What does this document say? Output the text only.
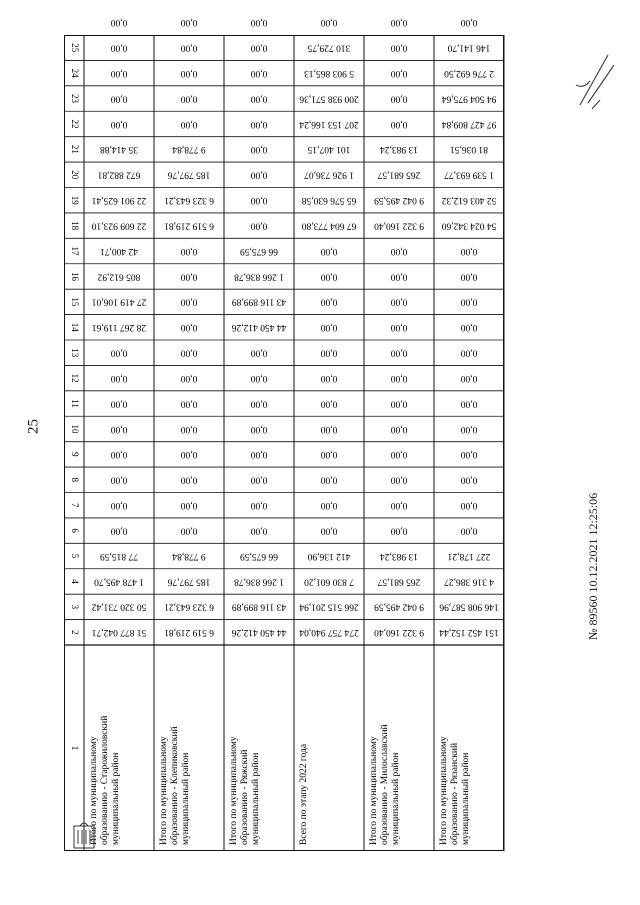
25
25
24
23
22
21
20
19
18
17
16
15
14
13
12
11
10
9
8
7
6
5
4
3
2
1
51 877 042,71
50 320 731,42
1 478 495,70
77 815,59
0,00
0,00
0,00
0,00
0,00
0,00
0,00
0,00
28 267 119,61
27 419 106,01
805 612,92
42 400,71
22 609 923,10
22 901 625,41
672 882,81
35 414,88
0,00
0,00
0,00
0,00
0,00
Итого по муниципальномуобразованию - Старожиловскиймуниципальный район
6 519 219,81
6 323 643,21
185 797,76
9 778,84
0,00
0,00
0,00
0,00
0,00
0,00
0,00
0,00
0,00
0,00
0,00
0,00
6 519 219,81
6 323 643,21
185 797,76
9 778,84
0,00
0,00
0,00
0,00
0,00
Итого по муниципальномуобразованию - Клепиковскиймуниципальный район
44 450 412,26
43 116 899,89
1 266 836,78
66 675,59
0,00
0,00
0,00
0,00
0,00
0,00
0,00
0,00
44 450 412,26
43 116 899,89
1 266 836,78
66 675,59
0,00
0,00
0,00
0,00
0,00
0,00
0,00
0,00
0,00
Итого по муниципальномуобразованию - Ряжскиймуниципальный район
274 757 940,04
266 515 201,94
7 830 601,20
412 136,90
0,00
0,00
0,00
0,00
0,00
0,00
0,00
0,00
0,00
0,00
0,00
0,00
67 604 773,80
65 576 630,58
1 926 736,07
101 407,15
207 153 166,24
200 938 571,36
5 903 865,13
310 729,75
0,00
Всего по этапу 2022 года
9 322 160,40
9 042 495,59
265 681,57
13 983,24
0,00
0,00
0,00
0,00
0,00
0,00
0,00
0,00
0,00
0,00
0,00
0,00
9 322 160,40
9 042 495,59
265 681,57
13 983,24
0,00
0,00
0,00
0,00
0,00
Итого по муниципальномуобразованию - Милославскиймуниципальный район
151 452 152,44
146 908 587,96
4 316 386,27
227 178,21
0,00
0,00
0,00
0,00
0,00
0,00
0,00
0,00
0,00
0,00
0,00
0,00
54 024 342,60
52 403 612,32
1 539 693,77
81 036,51
97 427 809,84
94 504 975,64
2 776 692,50
146 141,70
0,00
Итого по муниципальномуобразованию - Рязанскиймуниципальный район
№ 89560 10.12.2021 12:25:06
